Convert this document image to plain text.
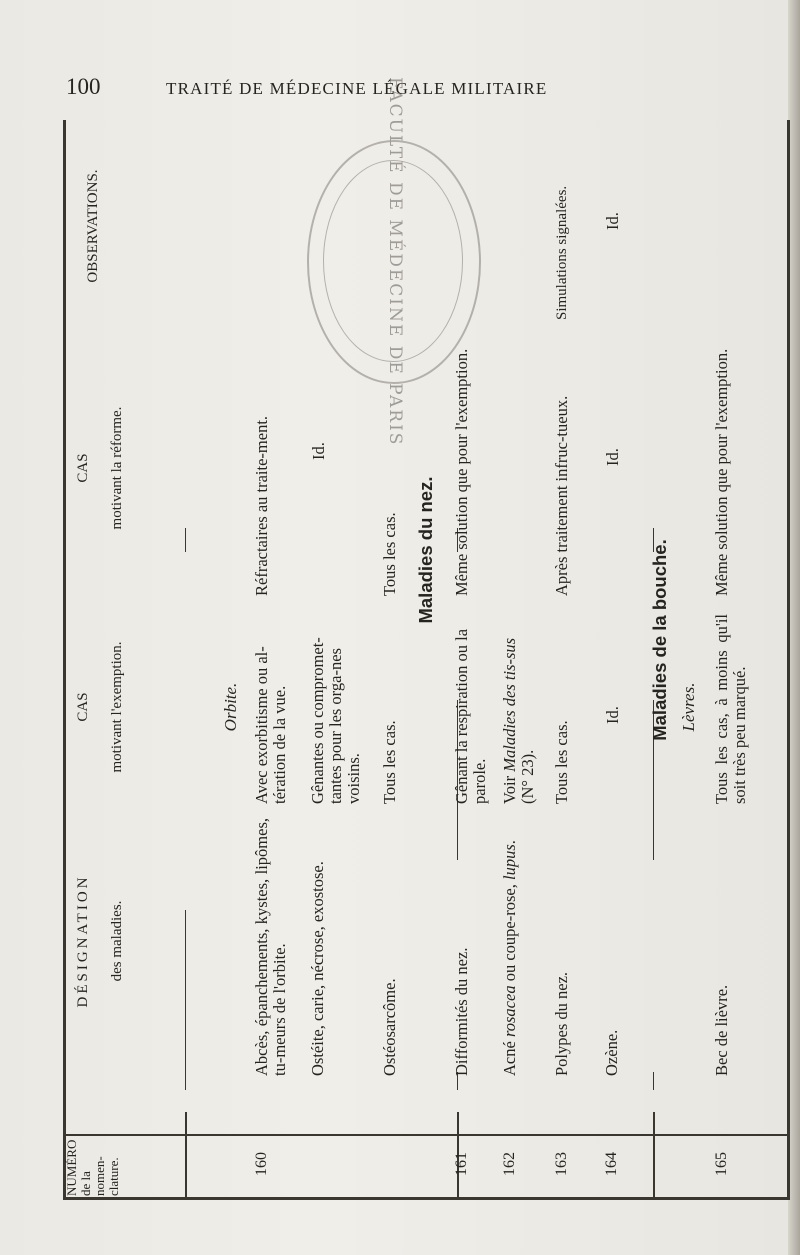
100	TRAITÉ DE MÉDECINE LÉGALE MILITAIRE
NUMÉRO de la nomen- clature.
DÉSIGNATION des maladies.
CAS motivant l'exemption.
CAS motivant la réforme.
OBSERVATIONS.
Orbite.
160
Abcès, épanchements, kystes, lipômes, tu-meurs de l'orbite.
Avec exorbitisme ou al-tération de la vue.
Réfractaires au traite-ment.
Ostéite, carie, nécrose, exostose.
Gênantes ou compromet-tantes pour les orga-nes voisins.
Id.
Ostéosarcôme.
Tous les cas.
Tous les cas. Maladies du nez.
161
Difformités du nez.
Gênant la respiration ou la parole.
Même solution que pour l'exemption.
162
Acné rosacea ou coupe-rose, lupus.
Voir Maladies des tis-sus (N° 23).
163
Polypes du nez.
Tous les cas.
Après traitement infruc-tueux.
Simulations signalées.
164
Ozène.
Id.
Id.
Id.
Maladies de la bouche. Lèvres.
165
Bec de lièvre.
Tous les cas, à moins qu'il soit très peu marqué.
Même solution que pour l'exemption.
FACULTÉ DE MÉDECINE DE PARIS
